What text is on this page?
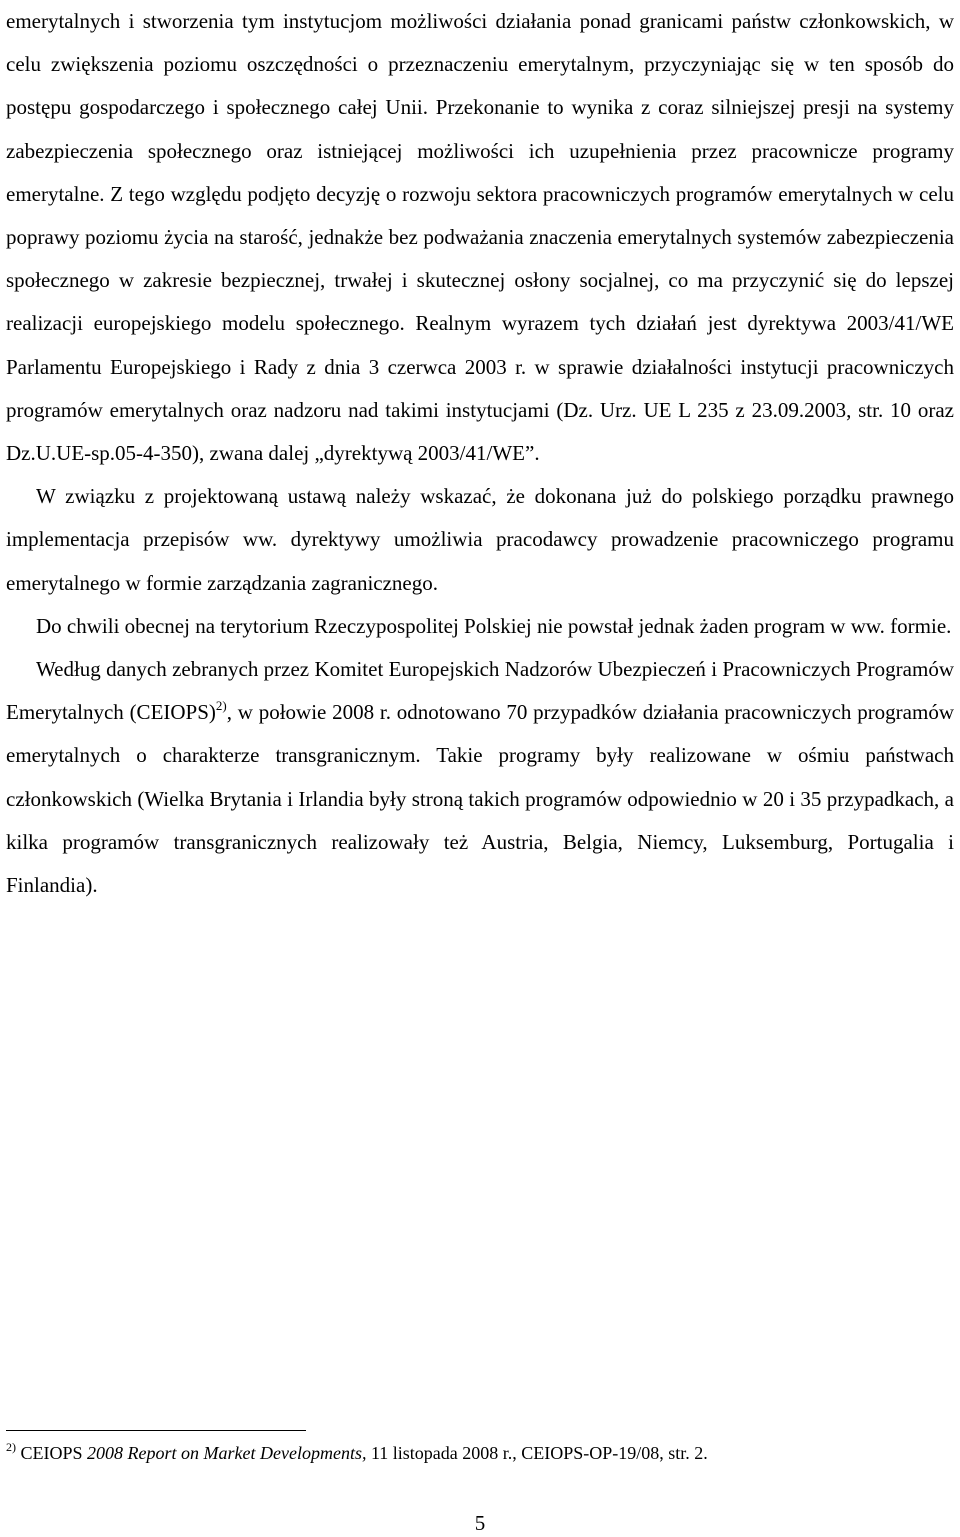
emerytalnych i stworzenia tym instytucjom możliwości działania ponad granicami państw członkowskich, w celu zwiększenia poziomu oszczędności o przeznaczeniu emerytalnym, przyczyniając się w ten sposób do postępu gospodarczego i społecznego całej Unii. Przekonanie to wynika z coraz silniejszej presji na systemy zabezpieczenia społecznego oraz istniejącej możliwości ich uzupełnienia przez pracownicze programy emerytalne. Z tego względu podjęto decyzję o rozwoju sektora pracowniczych programów emerytalnych w celu poprawy poziomu życia na starość, jednakże bez podważania znaczenia emerytalnych systemów zabezpieczenia społecznego w zakresie bezpiecznej, trwałej i skutecznej osłony socjalnej, co ma przyczynić się do lepszej realizacji europejskiego modelu społecznego. Realnym wyrazem tych działań jest dyrektywa 2003/41/WE Parlamentu Europejskiego i Rady z dnia 3 czerwca 2003 r. w sprawie działalności instytucji pracowniczych programów emerytalnych oraz nadzoru nad takimi instytucjami (Dz. Urz. UE L 235 z 23.09.2003, str. 10 oraz Dz.U.UE-sp.05-4-350), zwana dalej „dyrektywą 2003/41/WE”.

W związku z projektowaną ustawą należy wskazać, że dokonana już do polskiego porządku prawnego implementacja przepisów ww. dyrektywy umożliwia pracodawcy prowadzenie pracowniczego programu emerytalnego w formie zarządzania zagranicznego.

Do chwili obecnej na terytorium Rzeczypospolitej Polskiej nie powstał jednak żaden program w ww. formie.

Według danych zebranych przez Komitet Europejskich Nadzorów Ubezpieczeń i Pracowniczych Programów Emerytalnych (CEIOPS)$^{2)}$, w połowie 2008 r. odnotowano 70 przypadków działania pracowniczych programów emerytalnych o charakterze transgranicznym. Takie programy były realizowane w ośmiu państwach członkowskich (Wielka Brytania i Irlandia były stroną takich programów odpowiednio w 20 i 35 przypadkach, a kilka programów transgranicznych realizowały też Austria, Belgia, Niemcy, Luksemburg, Portugalia i Finlandia).

$^{2)}$ CEIOPS 2008 Report on Market Developments, 11 listopada 2008 r., CEIOPS-OP-19/08, str. 2.
5
